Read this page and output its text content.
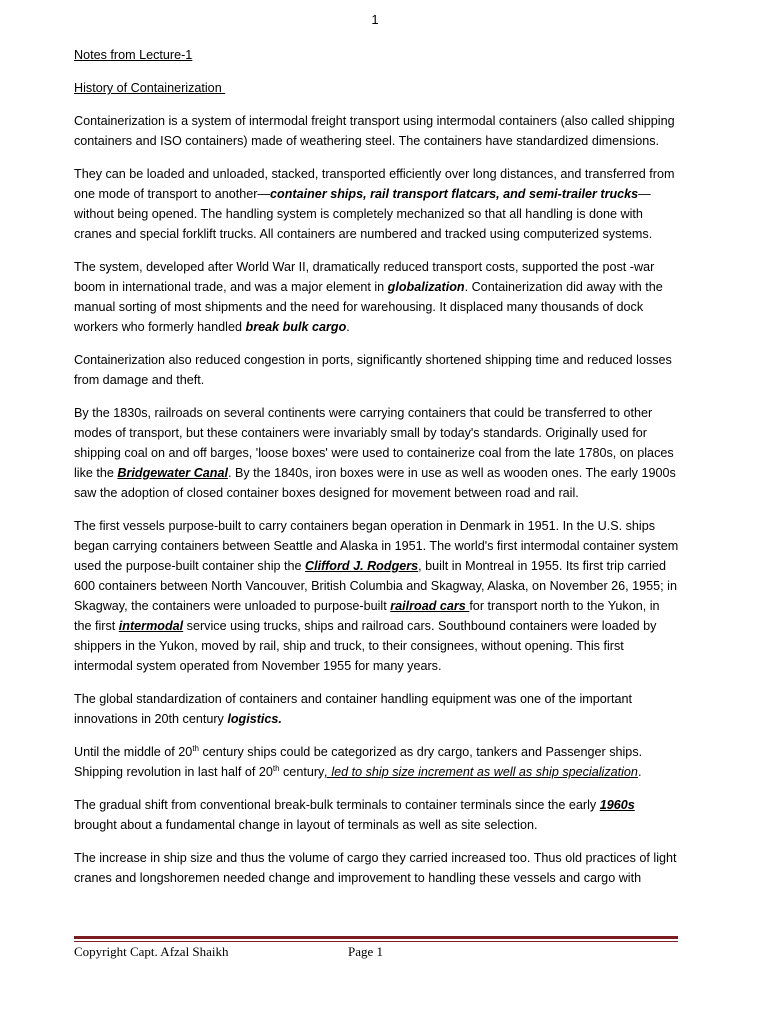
1

Notes from Lecture-1

History of Containerization

Containerization is a system of intermodal freight transport using intermodal containers (also called shipping containers and ISO containers) made of weathering steel. The containers have standardized dimensions.

They can be loaded and unloaded, stacked, transported efficiently over long distances, and transferred from one mode of transport to another—container ships, rail transport flatcars, and semi-trailer trucks— without being opened. The handling system is completely mechanized so that all handling is done with cranes and special forklift trucks. All containers are numbered and tracked using computerized systems.

The system, developed after World War II, dramatically reduced transport costs, supported the post -war boom in international trade, and was a major element in globalization. Containerization did away with the manual sorting of most shipments and the need for warehousing. It displaced many thousands of dock workers who formerly handled break bulk cargo.

Containerization also reduced congestion in ports, significantly shortened shipping time and reduced losses from damage and theft.

By the 1830s, railroads on several continents were carrying containers that could be transferred to other modes of transport, but these containers were invariably small by today's standards. Originally used for shipping coal on and off barges, 'loose boxes' were used to containerize coal from the late 1780s, on places like the Bridgewater Canal. By the 1840s, iron boxes were in use as well as wooden ones. The early 1900s saw the adoption of closed container boxes designed for movement between road and rail.

The first vessels purpose-built to carry containers began operation in Denmark in 1951. In the U.S. ships began carrying containers between Seattle and Alaska in 1951. The world's first intermodal container system used the purpose-built container ship the Clifford J. Rodgers, built in Montreal in 1955. Its first trip carried 600 containers between North Vancouver, British Columbia and Skagway, Alaska, on November 26, 1955; in Skagway, the containers were unloaded to purpose-built railroad cars for transport north to the Yukon, in the first intermodal service using trucks, ships and railroad cars. Southbound containers were loaded by shippers in the Yukon, moved by rail, ship and truck, to their consignees, without opening. This first intermodal system operated from November 1955 for many years.

The global standardization of containers and container handling equipment was one of the important innovations in 20th century logistics.

Until the middle of 20th century ships could be categorized as dry cargo, tankers and Passenger ships. Shipping revolution in last half of 20th century, led to ship size increment as well as ship specialization.

The gradual shift from conventional break-bulk terminals to container terminals since the early 1960s brought about a fundamental change in layout of terminals as well as site selection.

The increase in ship size and thus the volume of cargo they carried increased too. Thus old practices of light cranes and longshoremen needed change and improvement to handling these vessels and cargo with

Copyright Capt. Afzal Shaikh	Page 1
